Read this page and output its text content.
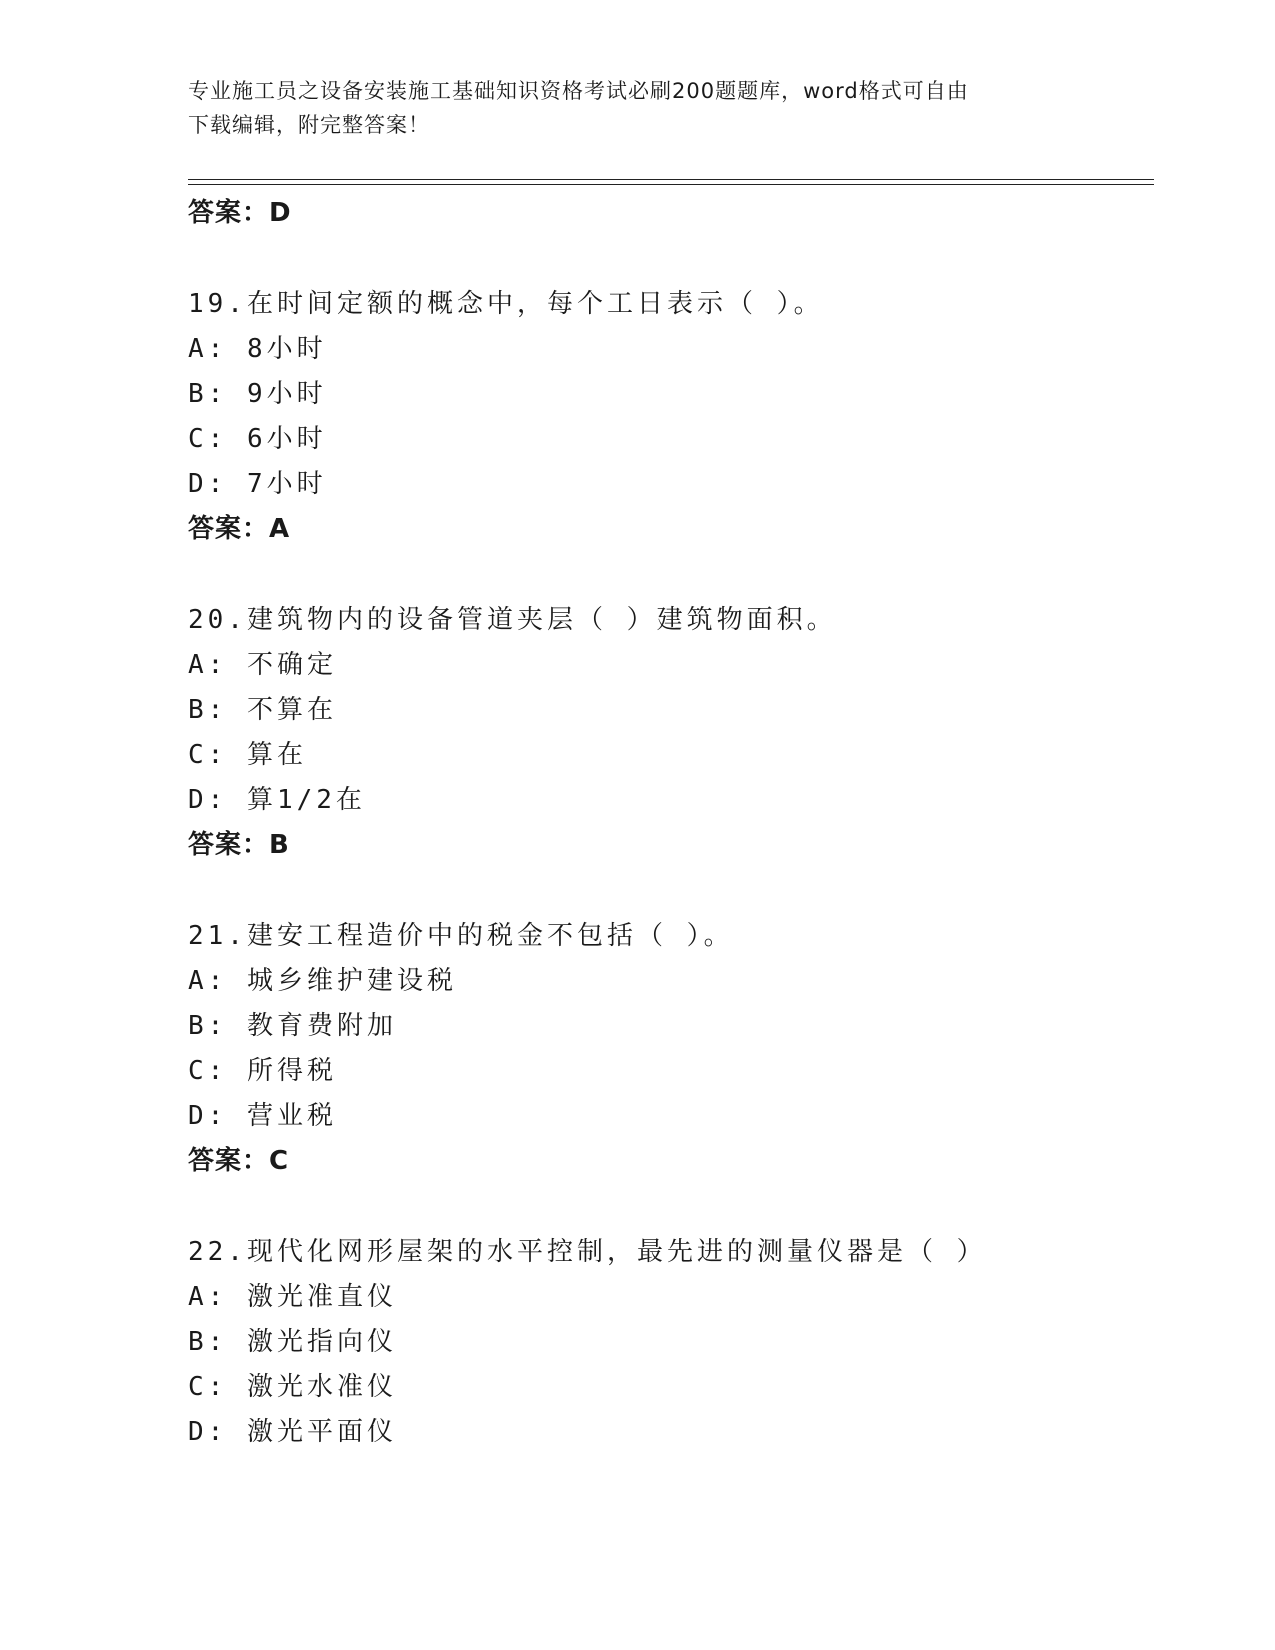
专业施工员之设备安装施工基础知识资格考试必刷200题题库，word格式可自由
下载编辑，附完整答案！
答案：D
19.在时间定额的概念中，每个工日表示（ ）。
A: 8小时
B: 9小时
C: 6小时
D: 7小时
答案：A
20.建筑物内的设备管道夹层（ ）建筑物面积。
A: 不确定
B: 不算在
C: 算在
D: 算1/2在
答案：B
21.建安工程造价中的税金不包括（ ）。
A: 城乡维护建设税
B: 教育费附加
C: 所得税
D: 营业税
答案：C
22.现代化网形屋架的水平控制，最先进的测量仪器是（ ）
A: 激光准直仪
B: 激光指向仪
C: 激光水准仪
D: 激光平面仪
